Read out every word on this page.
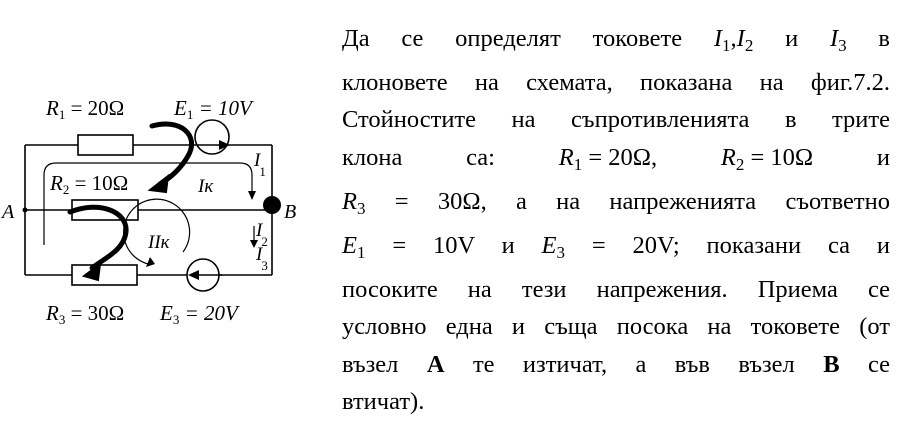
R1 = 20Ω E1 = 10V
R2 = 10Ω
R3 = 30Ω E3 = 20V
I1
I2
I3
Iк
IIк
A	B
Да се определят токовете $I_1,I_2$ и $I_3$ в
клоновете на схемата, показана на фиг.7.2.
Стойностите на съпротивленията в трите
клона са:	$R_1 = 20\Omega$,	$R_2 = 10\Omega$	и
$R_3 = 30\Omega$, а на напреженията съответно
$E_1 = 10V$ и $E_3 = 20V$; показани са и
посоките на тези напрежения. Приема се
условно една и съща посока на токовете (от
възел A те изтичат, а във възел B се
втичат).
